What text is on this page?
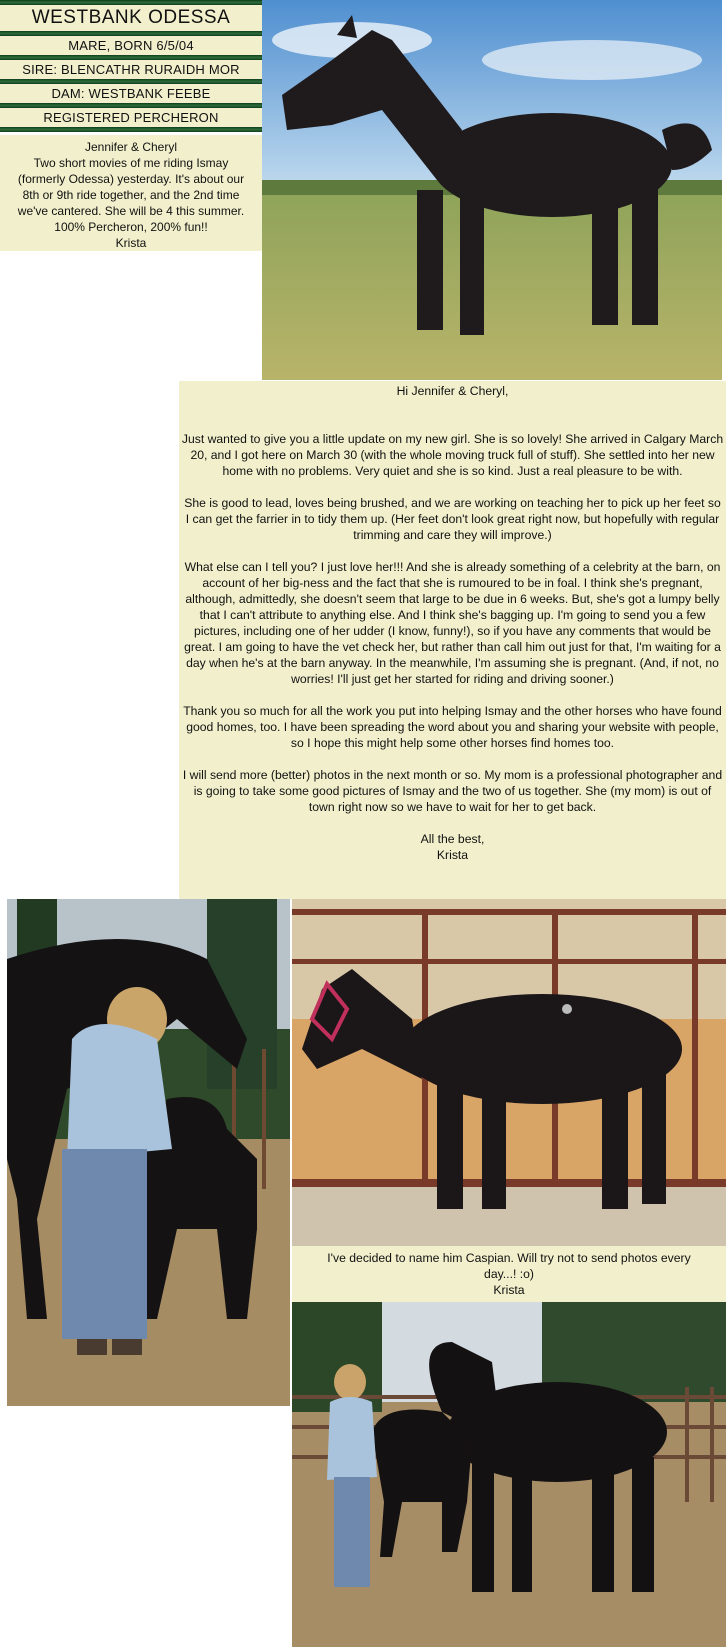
WESTBANK ODESSA
MARE, BORN 6/5/04
SIRE: BLENCATHR RURAIDH MOR
DAM: WESTBANK FEEBE
REGISTERED PERCHERON
Jennifer & Cheryl
Two short movies of me riding Ismay
(formerly Odessa) yesterday. It's about our
8th or 9th ride together, and the 2nd time
we've cantered. She will be 4 this summer.
100% Percheron, 200% fun!!
Krista

Hi Jennifer & Cheryl,

Just wanted to give you a little update on my new girl. She is so lovely! She arrived in Calgary March 20, and I got here on March 30 (with the whole moving truck full of stuff). She settled into her new home with no problems. Very quiet and she is so kind. Just a real pleasure to be with.

She is good to lead, loves being brushed, and we are working on teaching her to pick up her feet so I can get the farrier in to tidy them up. (Her feet don't look great right now, but hopefully with regular trimming and care they will improve.)

What else can I tell you? I just love her!!! And she is already something of a celebrity at the barn, on account of her big-ness and the fact that she is rumoured to be in foal. I think she's pregnant, although, admittedly, she doesn't seem that large to be due in 6 weeks. But, she's got a lumpy belly that I can't attribute to anything else. And I think she's bagging up. I'm going to send you a few pictures, including one of her udder (I know, funny!), so if you have any comments that would be great. I am going to have the vet check her, but rather than call him out just for that, I'm waiting for a day when he's at the barn anyway. In the meanwhile, I'm assuming she is pregnant. (And, if not, no worries! I'll just get her started for riding and driving sooner.)

Thank you so much for all the work you put into helping Ismay and the other horses who have found good homes, too. I have been spreading the word about you and sharing your website with people, so I hope this might help some other horses find homes too.

I will send more (better) photos in the next month or so. My mom is a professional photographer and is going to take some good pictures of Ismay and the two of us together. She (my mom) is out of town right now so we have to wait for her to get back.

All the best,

Krista

I've decided to name him Caspian. Will try not to send photos every
day...! :o)
Krista
